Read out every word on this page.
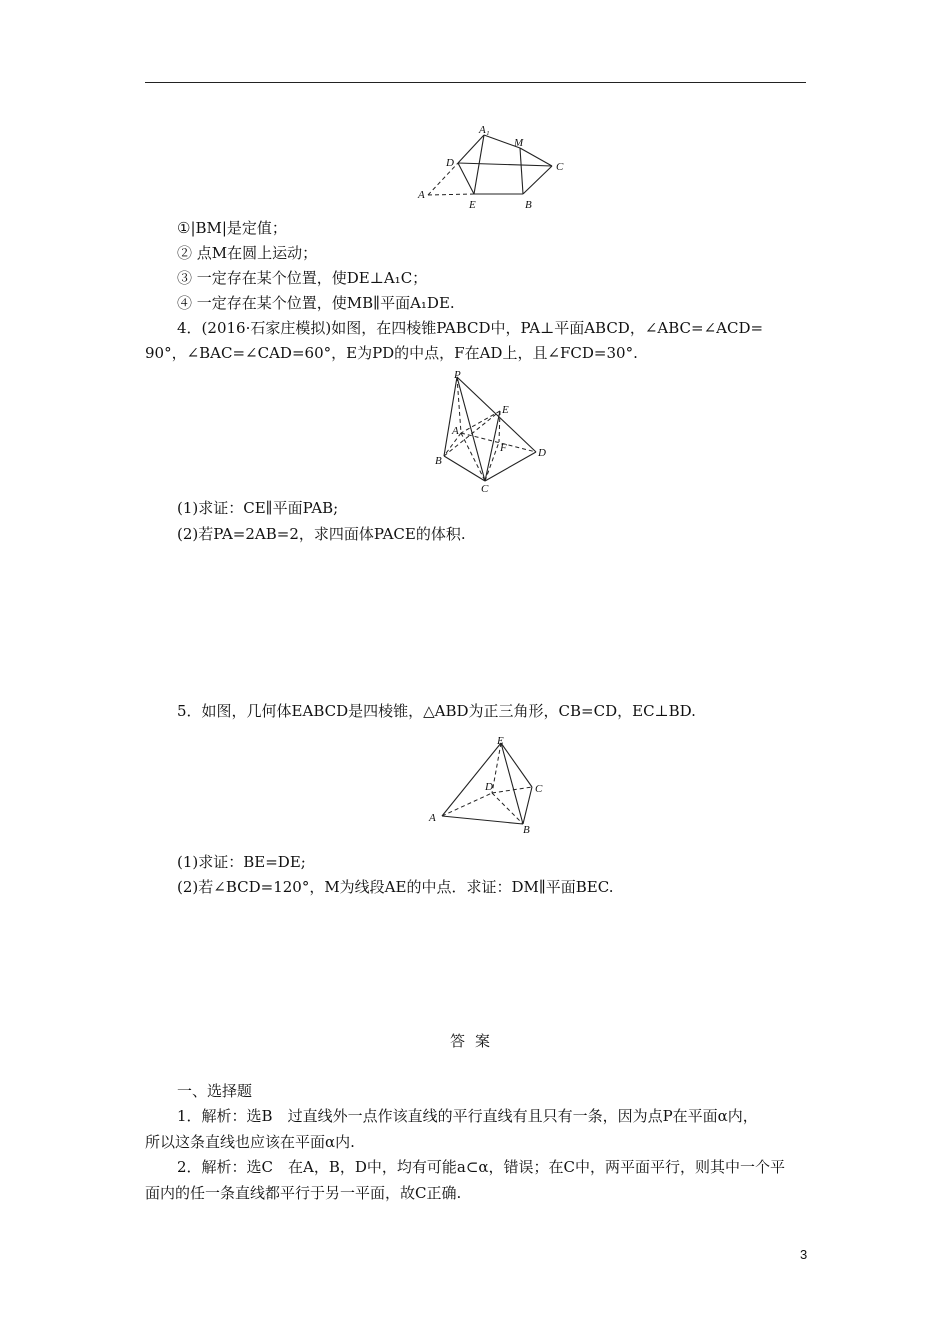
A₁
M
D	C
A
E	B
①|BM|是定值；
② 点M在圆上运动；
③ 一定存在某个位置，使DE⊥A₁C；
④ 一定存在某个位置，使MB∥平面A₁DE.
4．(2016·石家庄模拟)如图，在四棱锥PABCD中，PA⊥平面ABCD，∠ABC=∠ACD=
90°，∠BAC=∠CAD=60°，E为PD的中点，F在AD上，且∠FCD=30°.
P
E
A
F	D
B
C
(1)求证：CE∥平面PAB;
(2)若PA=2AB=2，求四面体PACE的体积.
5．如图，几何体EABCD是四棱锥，△ABD为正三角形，CB=CD，EC⊥BD.
E
D	C
A
B
(1)求证：BE=DE;
(2)若∠BCD=120°，M为线段AE的中点．求证：DM∥平面BEC.
答案
一、选择题
1．解析：选B　过直线外一点作该直线的平行直线有且只有一条，因为点P在平面α内，
所以这条直线也应该在平面α内.
2．解析：选C　在A，B，D中，均有可能a⊂α，错误；在C中，两平面平行，则其中一个平
面内的任一条直线都平行于另一平面，故C正确.
3
